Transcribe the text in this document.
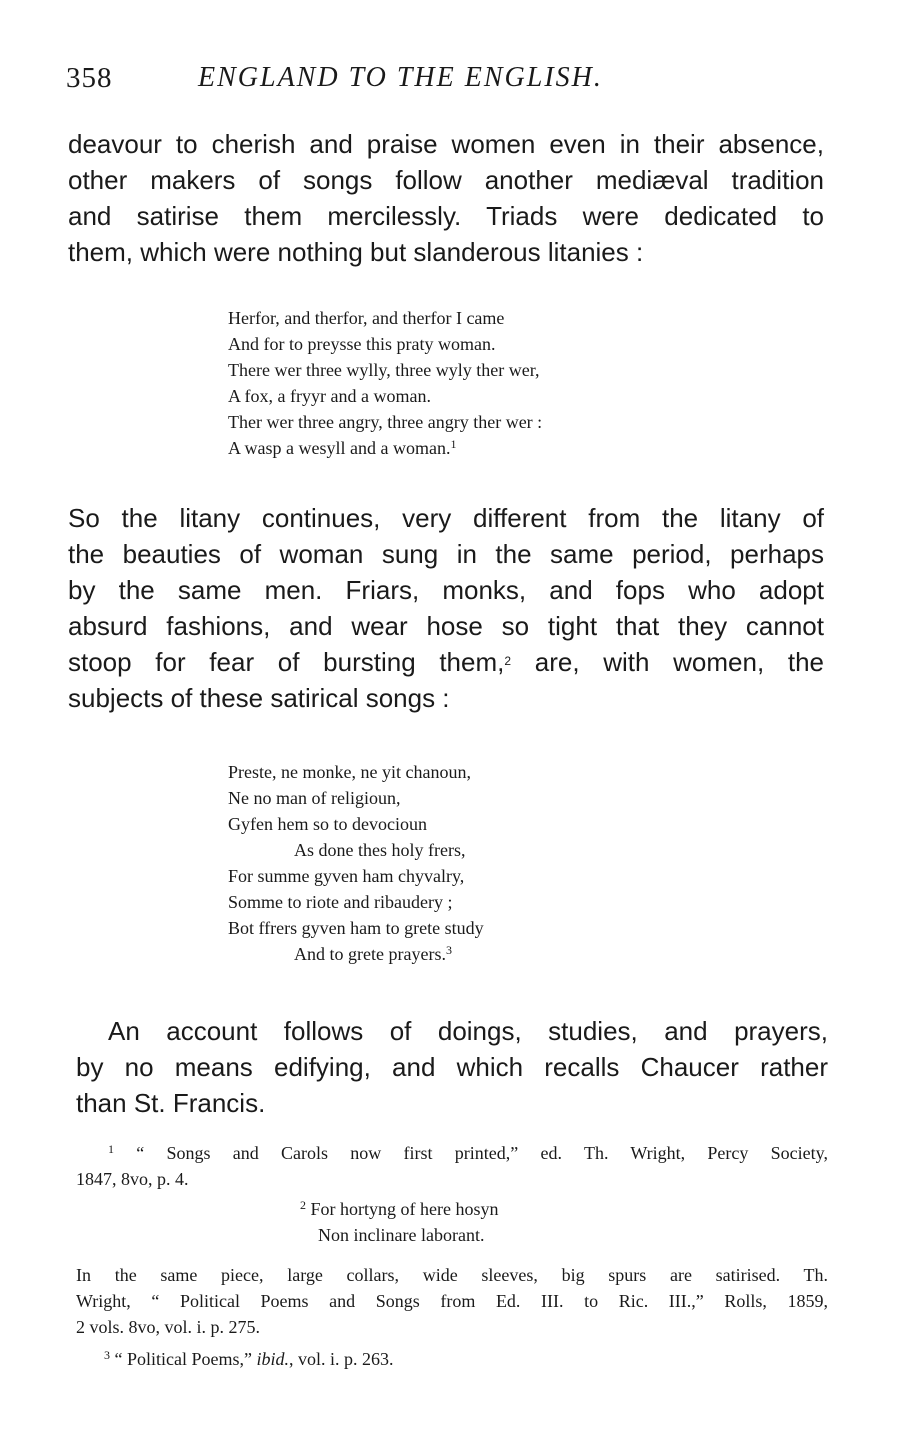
358	ENGLAND TO THE ENGLISH.

deavour to cherish and praise women even in their absence,
other makers of songs follow another mediæval tradition
and satirise them mercilessly. Triads were dedicated to
them, which were nothing but slanderous litanies :

Herfor, and therfor, and therfor I came
And for to preysse this praty woman.
There wer three wylly, three wyly ther wer,
A fox, a fryyr and a woman.
Ther wer three angry, three angry ther wer :
A wasp a wesyll and a woman.$^1$

So the litany continues, very different from the litany of
the beauties of woman sung in the same period, perhaps
by the same men. Friars, monks, and fops who adopt
absurd fashions, and wear hose so tight that they cannot
stoop for fear of bursting them,$^2$ are, with women, the
subjects of these satirical songs :

Preste, ne monke, ne yit chanoun,
Ne no man of religioun,
Gyfen hem so to devocioun
As done thes holy frers,
For summe gyven ham chyvalry,
Somme to riote and ribaudery ;
Bot ffrers gyven ham to grete study
And to grete prayers.$^3$

An account follows of doings, studies, and prayers,
by no means edifying, and which recalls Chaucer rather
than St. Francis.

$^1$ “ Songs and Carols now first printed,” ed. Th. Wright, Percy Society,
1847, 8vo, p. 4.
$^2$ For hortyng of here hosyn
Non inclinare laborant.
In the same piece, large collars, wide sleeves, big spurs are satirised. Th.
Wright, “ Political Poems and Songs from Ed. III. to Ric. III.,” Rolls, 1859,
2 vols. 8vo, vol. i. p. 275.
$^3$ “ Political Poems,” ibid., vol. i. p. 263.
